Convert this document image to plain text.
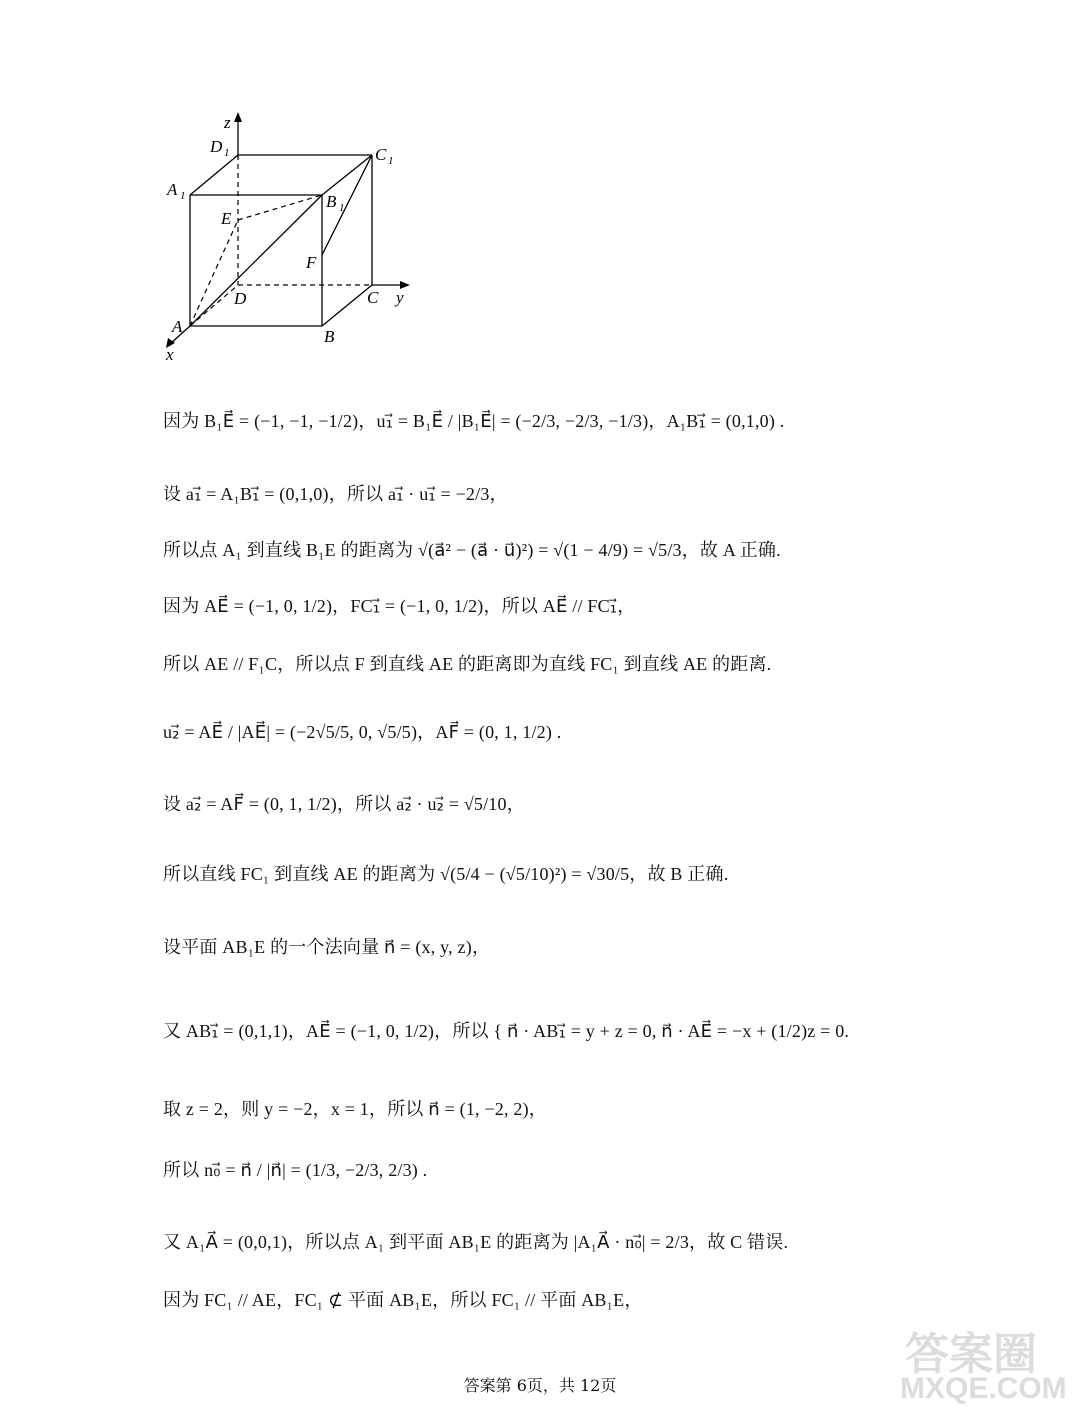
z
D 1	C 1
A 1	B 1
E
F
D	C y
A
B
x
因为 B₁E⃗ = (−1, −1, −1/2)，u₁⃗ = B₁E⃗ / |B₁E⃗| = (−2/3, −2/3, −1/3)，A₁B₁⃗ = (0,1,0) .
设 a₁⃗ = A₁B₁⃗ = (0,1,0)，所以 a₁⃗ · u₁⃗ = −2/3，
所以点 A₁ 到直线 B₁E 的距离为 √(a⃗² − (a⃗ · u⃗)²) = √(1 − 4/9) = √5/3，故 A 正确.
因为 AE⃗ = (−1, 0, 1/2)，FC₁⃗ = (−1, 0, 1/2)，所以 AE⃗ // FC₁⃗，
所以 AE // F₁C，所以点 F 到直线 AE 的距离即为直线 FC₁ 到直线 AE 的距离.
u₂⃗ = AE⃗ / |AE⃗| = (−2√5/5, 0, √5/5)，AF⃗ = (0, 1, 1/2) .
设 a₂⃗ = AF⃗ = (0, 1, 1/2)，所以 a₂⃗ · u₂⃗ = √5/10，
所以直线 FC₁ 到直线 AE 的距离为 √(5/4 − (√5/10)²) = √30/5，故 B 正确.
设平面 AB₁E 的一个法向量 n⃗ = (x, y, z)，
又 AB₁⃗ = (0,1,1)，AE⃗ = (−1, 0, 1/2)，所以 { n⃗ · AB₁⃗ = y + z = 0, n⃗ · AE⃗ = −x + (1/2)z = 0.
取 z = 2，则 y = −2，x = 1，所以 n⃗ = (1, −2, 2)，
所以 n₀⃗ = n⃗ / |n⃗| = (1/3, −2/3, 2/3) .
又 A₁A⃗ = (0,0,1)，所以点 A₁ 到平面 AB₁E 的距离为 |A₁A⃗ · n₀⃗| = 2/3，故 C 错误.
因为 FC₁ // AE，FC₁ ⊄ 平面 AB₁E，所以 FC₁ // 平面 AB₁E，
答案第 6页，共 12页
答案圈
MXQE.COM
